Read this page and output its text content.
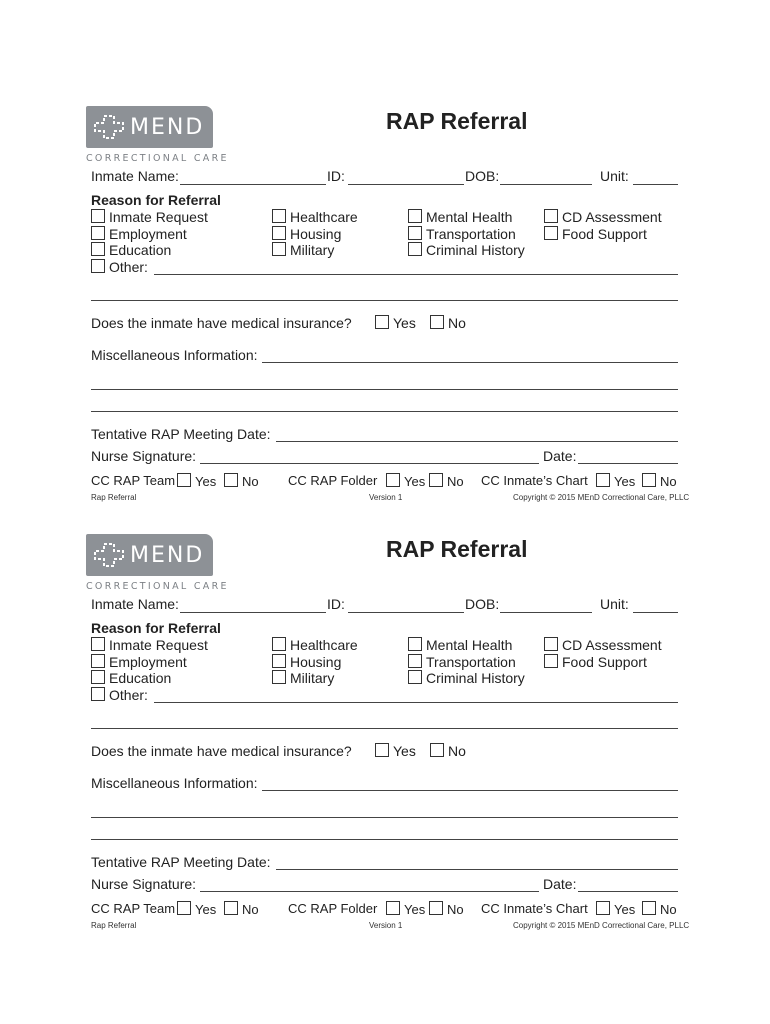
MEND
CORRECTIONAL CARE
RAP Referral
Inmate Name:	ID:	DOB:	Unit:
Reason for Referral
Inmate Request
Employment
Education
Healthcare
Housing
Military
Mental Health
Transportation
Criminal History
CD Assessment
Food Support
Other:
Does the inmate have medical insurance?	Yes	No
Miscellaneous Information:
Tentative RAP Meeting Date:
Nurse Signature:	Date:
CC RAP Team	Yes	No CC RAP Folder	Yes	No CC Inmate’s Chart	Yes	No
Rap Referral	Version 1	Copyright © 2015 MEnD Correctional Care, PLLC
MEND
CORRECTIONAL CARE
RAP Referral
Inmate Name:	ID:	DOB:	Unit:
Reason for Referral
Inmate Request
Employment
Education
Healthcare
Housing
Military
Mental Health
Transportation
Criminal History
CD Assessment
Food Support
Other:
Does the inmate have medical insurance?	Yes	No
Miscellaneous Information:
Tentative RAP Meeting Date:
Nurse Signature:	Date:
CC RAP Team	Yes	No CC RAP Folder	Yes	No CC Inmate’s Chart	Yes	No
Rap Referral	Version 1	Copyright © 2015 MEnD Correctional Care, PLLC
